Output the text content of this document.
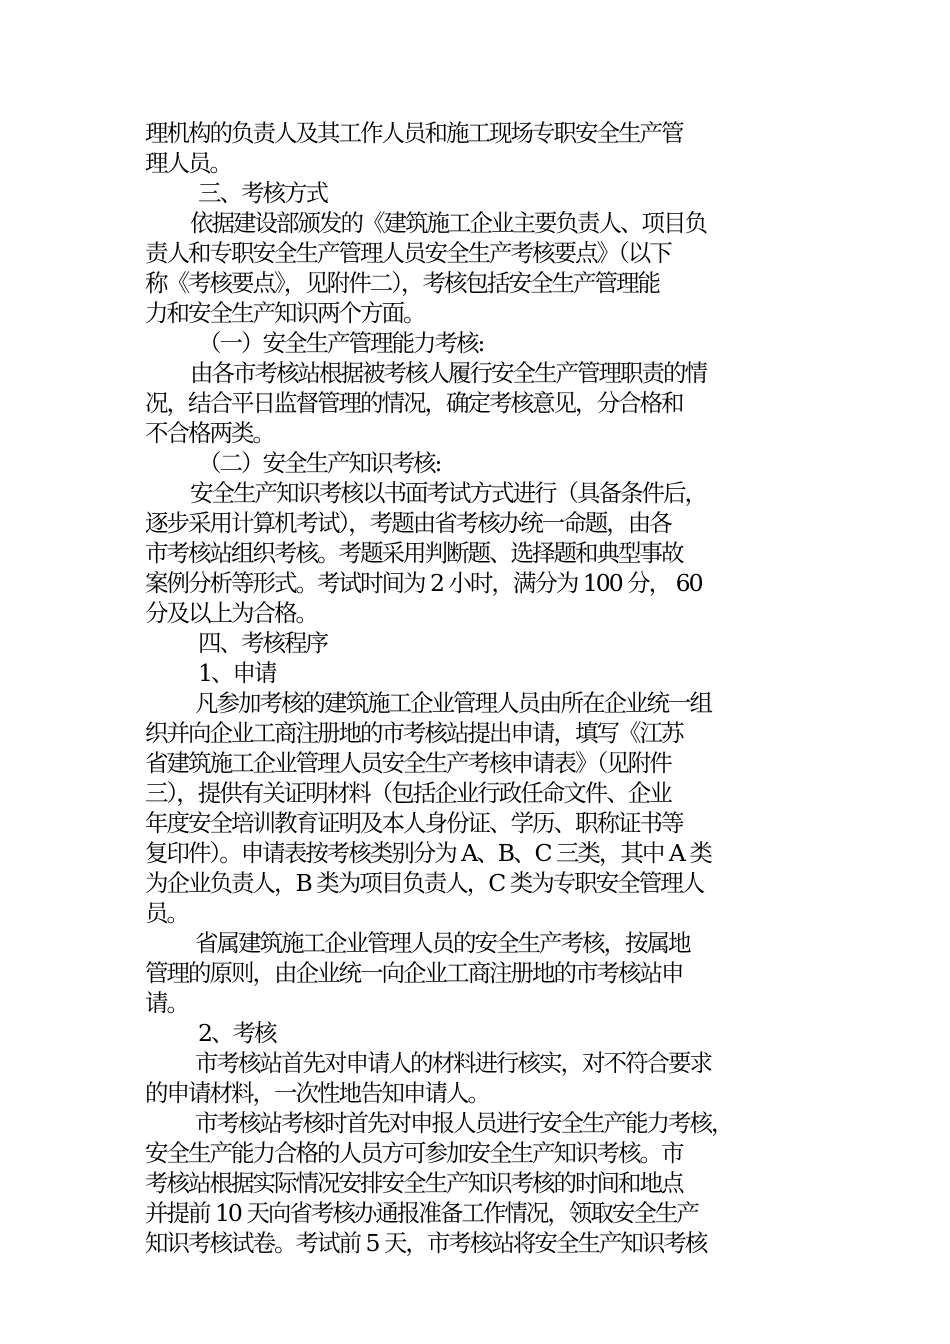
理机构的负责人及其工作人员和施工现场专职安全生产管
理人员。
三、考核方式
依据建设部颁发的《建筑施工企业主要负责人、项目负
责人和专职安全生产管理人员安全生产考核要点》（以下
称《考核要点》，见附件二），考核包括安全生产管理能
力和安全生产知识两个方面。
（一）安全生产管理能力考核:
由各市考核站根据被考核人履行安全生产管理职责的情
况，结合平日监督管理的情况，确定考核意见，分合格和
不合格两类。
（二）安全生产知识考核:
安全生产知识考核以书面考试方式进行（具备条件后，
逐步采用计算机考试），考题由省考核办统一命题，由各
市考核站组织考核。考题采用判断题、选择题和典型事故
案例分析等形式。考试时间为 2 小时，满分为 100 分， 60
分及以上为合格。
四、考核程序
1、申请
凡参加考核的建筑施工企业管理人员由所在企业统一组
织并向企业工商注册地的市考核站提出申请，填写《江苏
省建筑施工企业管理人员安全生产考核申请表》（见附件
三），提供有关证明材料（包括企业行政任命文件、企业
年度安全培训教育证明及本人身份证、学历、职称证书等
复印件）。申请表按考核类别分为 A、B、C 三类，其中 A 类
为企业负责人，B 类为项目负责人，C 类为专职安全管理人
员。
省属建筑施工企业管理人员的安全生产考核，按属地
管理的原则，由企业统一向企业工商注册地的市考核站申
请。
2、考核
市考核站首先对申请人的材料进行核实，对不符合要求
的申请材料，一次性地告知申请人。
市考核站考核时首先对申报人员进行安全生产能力考核，
安全生产能力合格的人员方可参加安全生产知识考核。市
考核站根据实际情况安排安全生产知识考核的时间和地点
并提前 10 天向省考核办通报准备工作情况，领取安全生产
知识考核试卷。考试前 5 天，市考核站将安全生产知识考核
